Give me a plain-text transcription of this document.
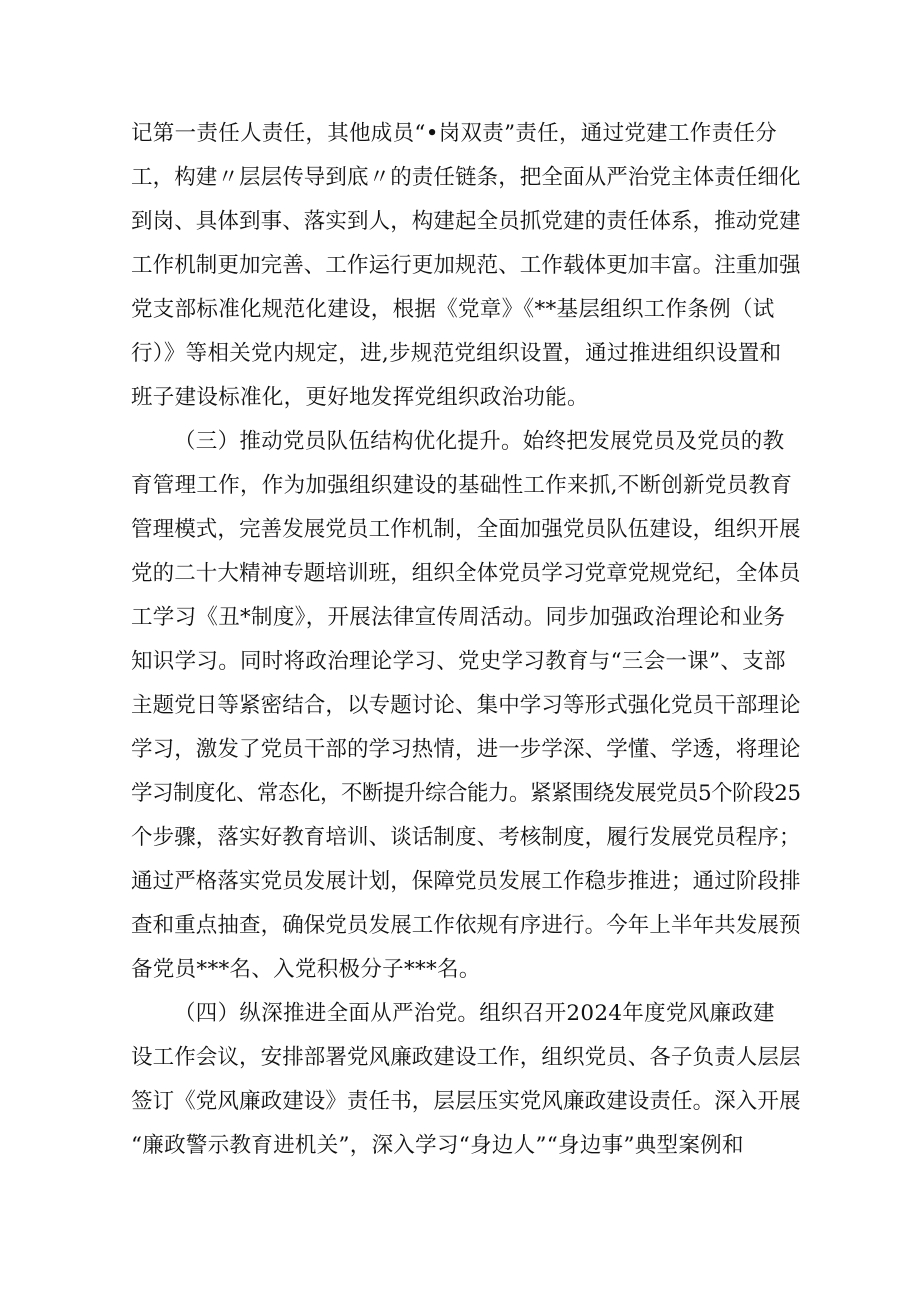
记第一责任人责任，其他成员“•岗双责”责任，通过党建工作责任分
工，构建〃层层传导到底〃的责任链条，把全面从严治党主体责任细化
到岗、具体到事、落实到人，构建起全员抓党建的责任体系，推动党建
工作机制更加完善、工作运行更加规范、工作载体更加丰富。注重加强
党支部标准化规范化建设，根据《党章》《**基层组织工作条例（试
行）》等相关党内规定，进,步规范党组织设置，通过推进组织设置和
班子建设标准化，更好地发挥党组织政治功能。
（三）推动党员队伍结构优化提升。始终把发展党员及党员的教
育管理工作，作为加强组织建设的基础性工作来抓,不断创新党员教育
管理模式，完善发展党员工作机制，全面加强党员队伍建设，组织开展
党的二十大精神专题培训班，组织全体党员学习党章党规党纪，全体员
工学习《丑*制度》，开展法律宣传周活动。同步加强政治理论和业务
知识学习。同时将政治理论学习、党史学习教育与“三会一课”、支部
主题党日等紧密结合，以专题讨论、集中学习等形式强化党员干部理论
学习，激发了党员干部的学习热情，进一步学深、学懂、学透，将理论
学习制度化、常态化，不断提升综合能力。紧紧围绕发展党员5个阶段25
个步骤，落实好教育培训、谈话制度、考核制度，履行发展党员程序；
通过严格落实党员发展计划，保障党员发展工作稳步推进；通过阶段排
查和重点抽查，确保党员发展工作依规有序进行。今年上半年共发展预
备党员***名、入党积极分子***名。
（四）纵深推进全面从严治党。组织召开2024年度党风廉政建
设工作会议，安排部署党风廉政建设工作，组织党员、各子负责人层层
签订《党风廉政建设》责任书，层层压实党风廉政建设责任。深入开展
“廉政警示教育进机关”，深入学习“身边人”“身边事”典型案例和
